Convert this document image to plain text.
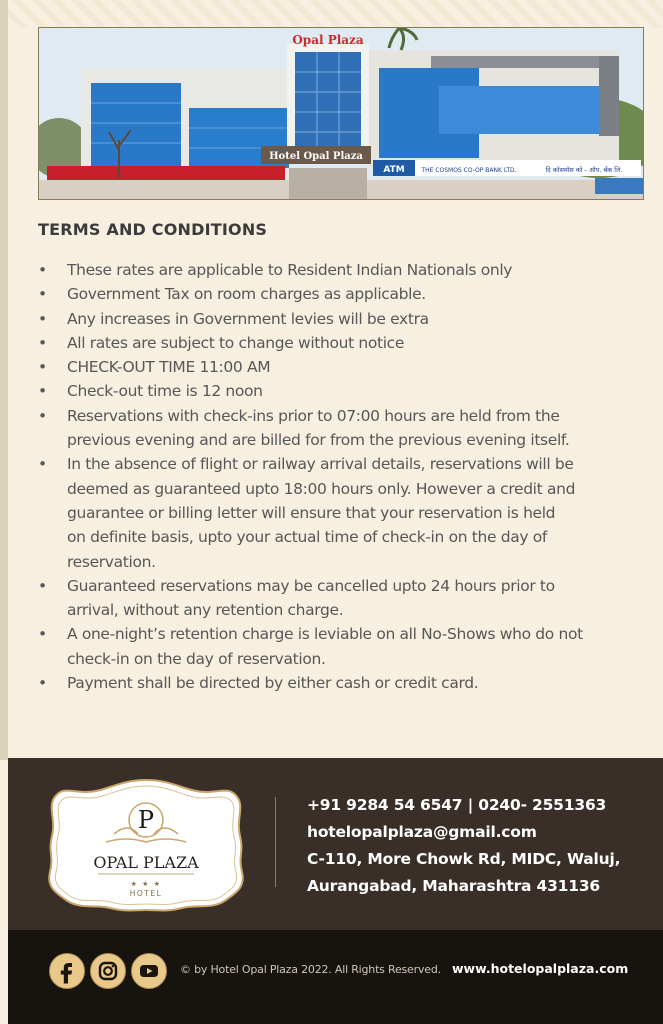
Opal Plaza
Hotel Opal Plaza
ATM	THE COSMOS CO-OP BANK LTD.	दि कॉसमॉस को - ऑप. बँक लि.
TERMS AND CONDITIONS
• These rates are applicable to Resident Indian Nationals only
• Government Tax on room charges as applicable.
• Any increases in Government levies will be extra
• All rates are subject to change without notice
• CHECK-OUT TIME 11:00 AM
• Check-out time is 12 noon
• Reservations with check-ins prior to 07:00 hours are held from the
previous evening and are billed for from the previous evening itself.
• In the absence of flight or railway arrival details, reservations will be
deemed as guaranteed upto 18:00 hours only. However a credit and
guarantee or billing letter will ensure that your reservation is held
on definite basis, upto your actual time of check-in on the day of
reservation.
• Guaranteed reservations may be cancelled upto 24 hours prior to
arrival, without any retention charge.
• A one-night’s retention charge is leviable on all No-Shows who do not
check-in on the day of reservation.
• Payment shall be directed by either cash or credit card.
P
OPAL PLAZA
★ ★ ★
HOTEL
+91 9284 54 6547 | 0240- 2551363
hotelopalplaza@gmail.com
C-110, More Chowk Rd, MIDC, Waluj,
Aurangabad, Maharashtra 431136
© by Hotel Opal Plaza 2022. All Rights Reserved. www.hotelopalplaza.com
